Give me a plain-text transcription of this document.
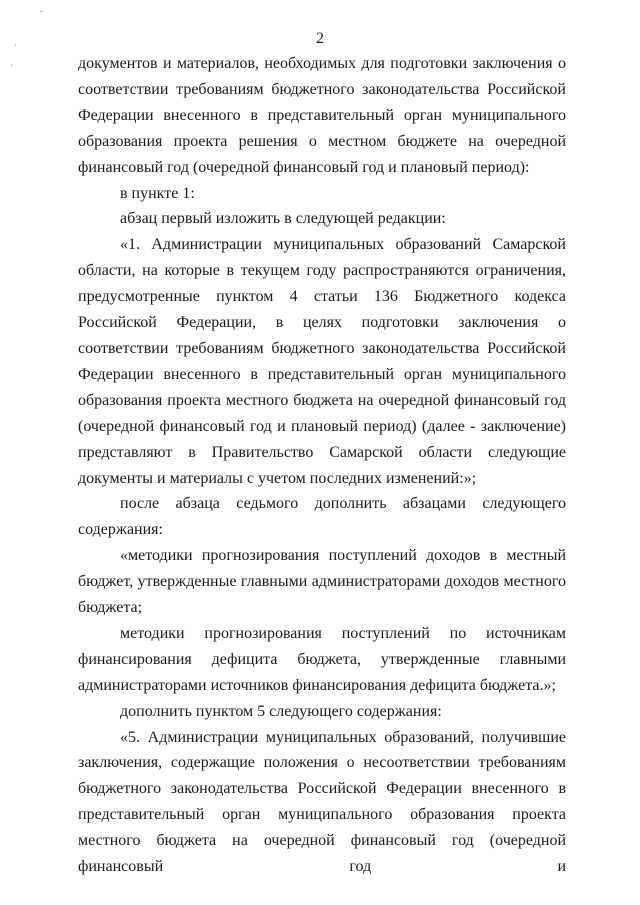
2
-
·
·	документов и материалов, необходимых для подготовки заключения о соответствии требованиям бюджетного законодательства Российской Федерации внесенного в представительный орган муниципального образования проекта решения о местном бюджете на очередной финансовый год (очередной финансовый год и плановый период):

в пункте 1:

абзац первый изложить в следующей редакции:

«1. Администрации муниципальных образований Самарской области, на которые в текущем году распространяются ограничения, предусмотренные пунктом 4 статьи 136 Бюджетного кодекса Российской Федерации, в целях подготовки заключения о соответствии требованиям бюджетного законодательства Российской Федерации внесенного в представительный орган муниципального образования проекта местного бюджета на очередной финансовый год (очередной финансовый год и плановый период) (далее - заключение) представляют в Правительство Самарской области следующие документы и материалы с учетом последних изменений:»;

после абзаца седьмого дополнить абзацами следующего содержания:

«методики прогнозирования поступлений доходов в местный бюджет, утвержденные главными администраторами доходов местного бюджета;

методики прогнозирования поступлений по источникам финансирования дефицита бюджета, утвержденные главными администраторами источников финансирования дефицита бюджета.»;

дополнить пунктом 5 следующего содержания:

«5. Администрации муниципальных образований, получившие заключения, содержащие положения о несоответствии требованиям бюджетного законодательства Российской Федерации внесенного в представительный орган муниципального образования проекта местного бюджета на очередной финансовый год (очередной финансовый год и
